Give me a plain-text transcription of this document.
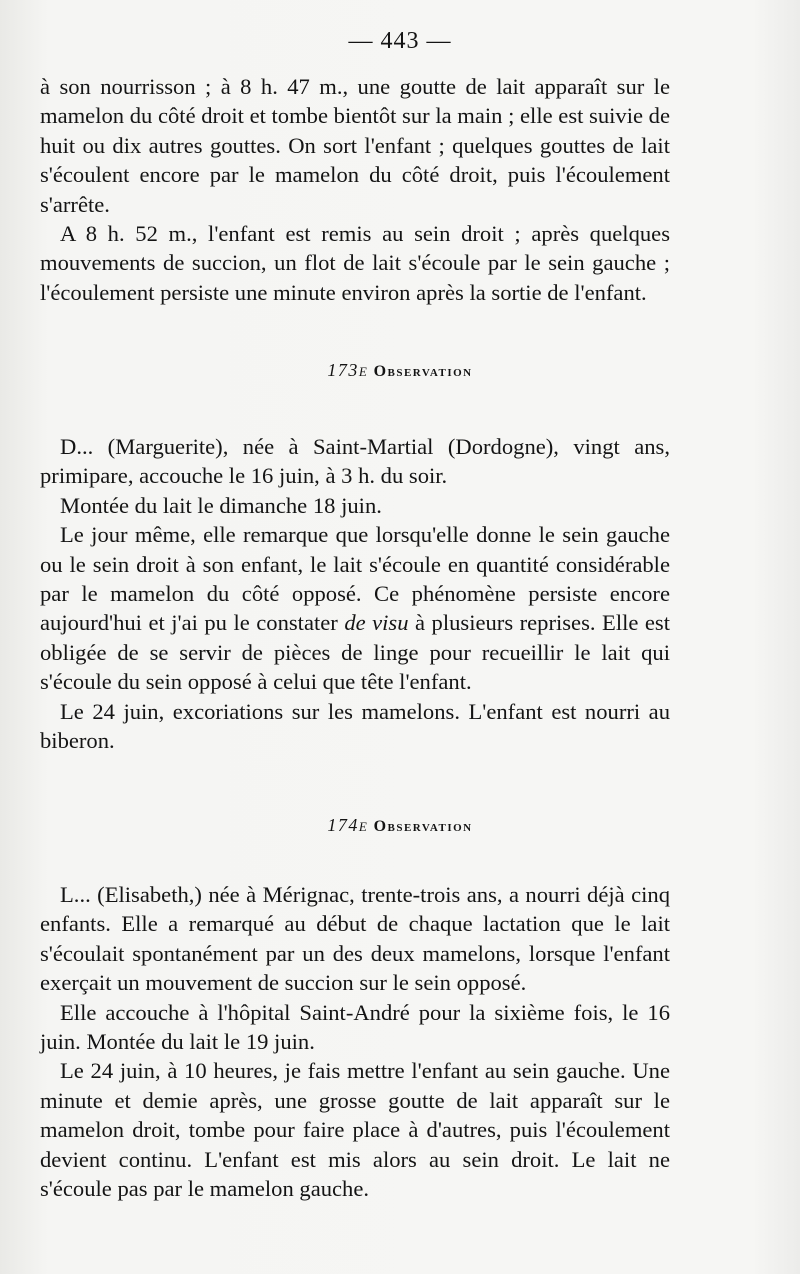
— 443 —

à son nourrisson ; à 8 h. 47 m., une goutte de lait apparaît sur le mamelon du côté droit et tombe bientôt sur la main ; elle est suivie de huit ou dix autres gouttes. On sort l'enfant ; quelques gouttes de lait s'écoulent encore par le mamelon du côté droit, puis l'écoulement s'arrête.

A 8 h. 52 m., l'enfant est remis au sein droit ; après quelques mouvements de succion, un flot de lait s'écoule par le sein gauche ; l'écoulement persiste une minute environ après la sortie de l'enfant.

173e Observation

D... (Marguerite), née à Saint-Martial (Dordogne), vingt ans, primipare, accouche le 16 juin, à 3 h. du soir.

Montée du lait le dimanche 18 juin.

Le jour même, elle remarque que lorsqu'elle donne le sein gauche ou le sein droit à son enfant, le lait s'écoule en quantité considérable par le mamelon du côté opposé. Ce phénomène persiste encore aujourd'hui et j'ai pu le constater de visu à plusieurs reprises. Elle est obligée de se servir de pièces de linge pour recueillir le lait qui s'écoule du sein opposé à celui que tête l'enfant.

Le 24 juin, excoriations sur les mamelons. L'enfant est nourri au biberon.

174e Observation

L... (Elisabeth,) née à Mérignac, trente-trois ans, a nourri déjà cinq enfants. Elle a remarqué au début de chaque lactation que le lait s'écoulait spontanément par un des deux mamelons, lorsque l'enfant exerçait un mouvement de succion sur le sein opposé.

Elle accouche à l'hôpital Saint-André pour la sixième fois, le 16 juin. Montée du lait le 19 juin.

Le 24 juin, à 10 heures, je fais mettre l'enfant au sein gauche. Une minute et demie après, une grosse goutte de lait apparaît sur le mamelon droit, tombe pour faire place à d'autres, puis l'écoulement devient continu. L'enfant est mis alors au sein droit. Le lait ne s'écoule pas par le mamelon gauche.
